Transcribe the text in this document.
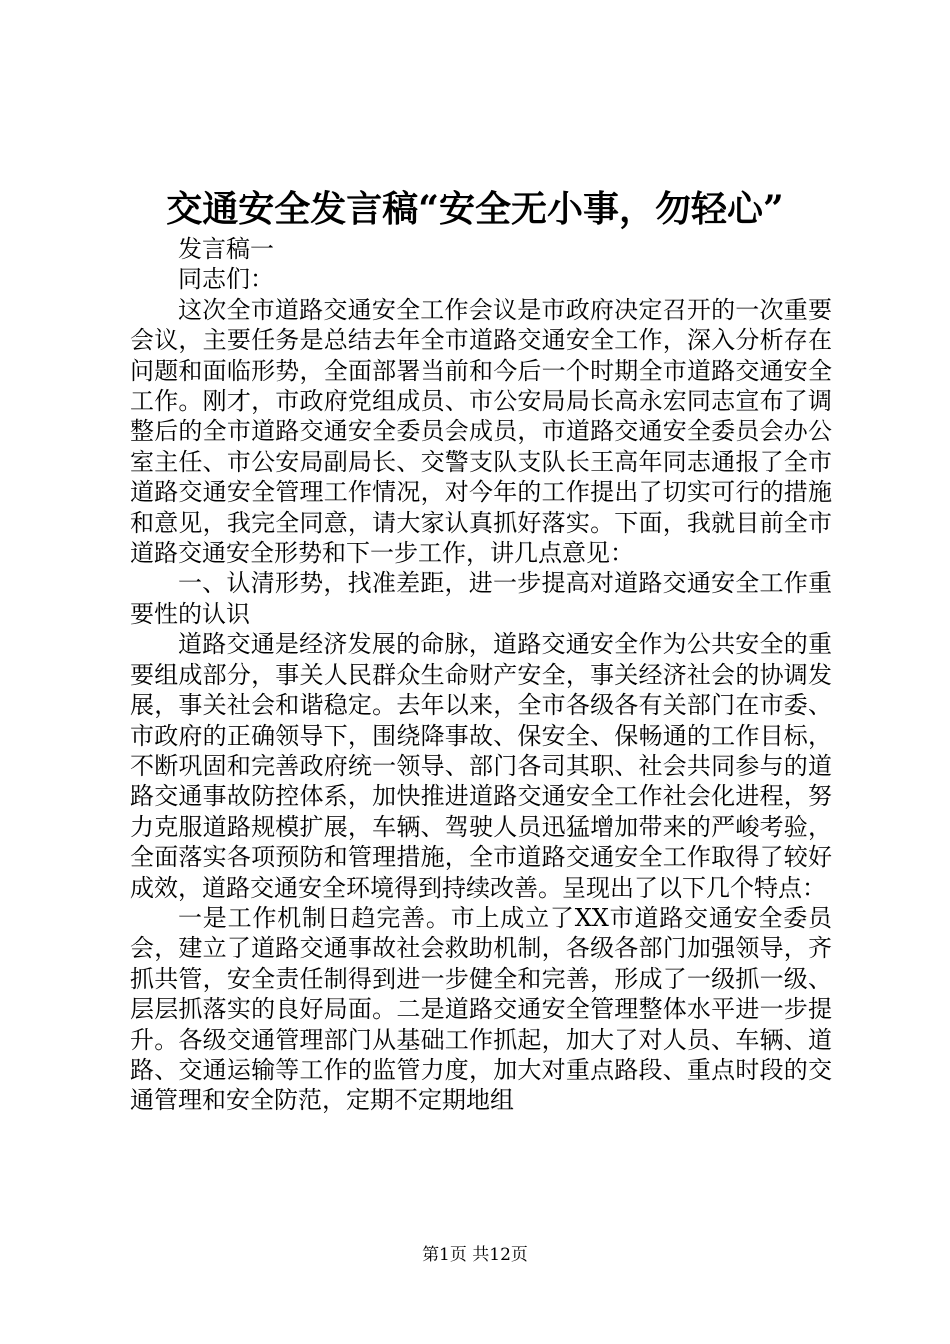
交通安全发言稿“安全无小事，勿轻心”

发言稿一

同志们：

这次全市道路交通安全工作会议是市政府决定召开的一次重要会议，主要任务是总结去年全市道路交通安全工作，深入分析存在问题和面临形势，全面部署当前和今后一个时期全市道路交通安全工作。刚才，市政府党组成员、市公安局局长高永宏同志宣布了调整后的全市道路交通安全委员会成员，市道路交通安全委员会办公室主任、市公安局副局长、交警支队支队长王高年同志通报了全市道路交通安全管理工作情况，对今年的工作提出了切实可行的措施和意见，我完全同意，请大家认真抓好落实。下面，我就目前全市道路交通安全形势和下一步工作，讲几点意见：

一、认清形势，找准差距，进一步提高对道路交通安全工作重要性的认识

道路交通是经济发展的命脉，道路交通安全作为公共安全的重要组成部分，事关人民群众生命财产安全，事关经济社会的协调发展，事关社会和谐稳定。去年以来，全市各级各有关部门在市委、市政府的正确领导下，围绕降事故、保安全、保畅通的工作目标，不断巩固和完善政府统一领导、部门各司其职、社会共同参与的道路交通事故防控体系，加快推进道路交通安全工作社会化进程，努力克服道路规模扩展，车辆、驾驶人员迅猛增加带来的严峻考验，全面落实各项预防和管理措施，全市道路交通安全工作取得了较好成效，道路交通安全环境得到持续改善。呈现出了以下几个特点：

一是工作机制日趋完善。市上成立了XX市道路交通安全委员会，建立了道路交通事故社会救助机制，各级各部门加强领导，齐抓共管，安全责任制得到进一步健全和完善，形成了一级抓一级、层层抓落实的良好局面。二是道路交通安全管理整体水平进一步提升。各级交通管理部门从基础工作抓起，加大了对人员、车辆、道路、交通运输等工作的监管力度，加大对重点路段、重点时段的交通管理和安全防范，定期不定期地组

第1页 共12页
